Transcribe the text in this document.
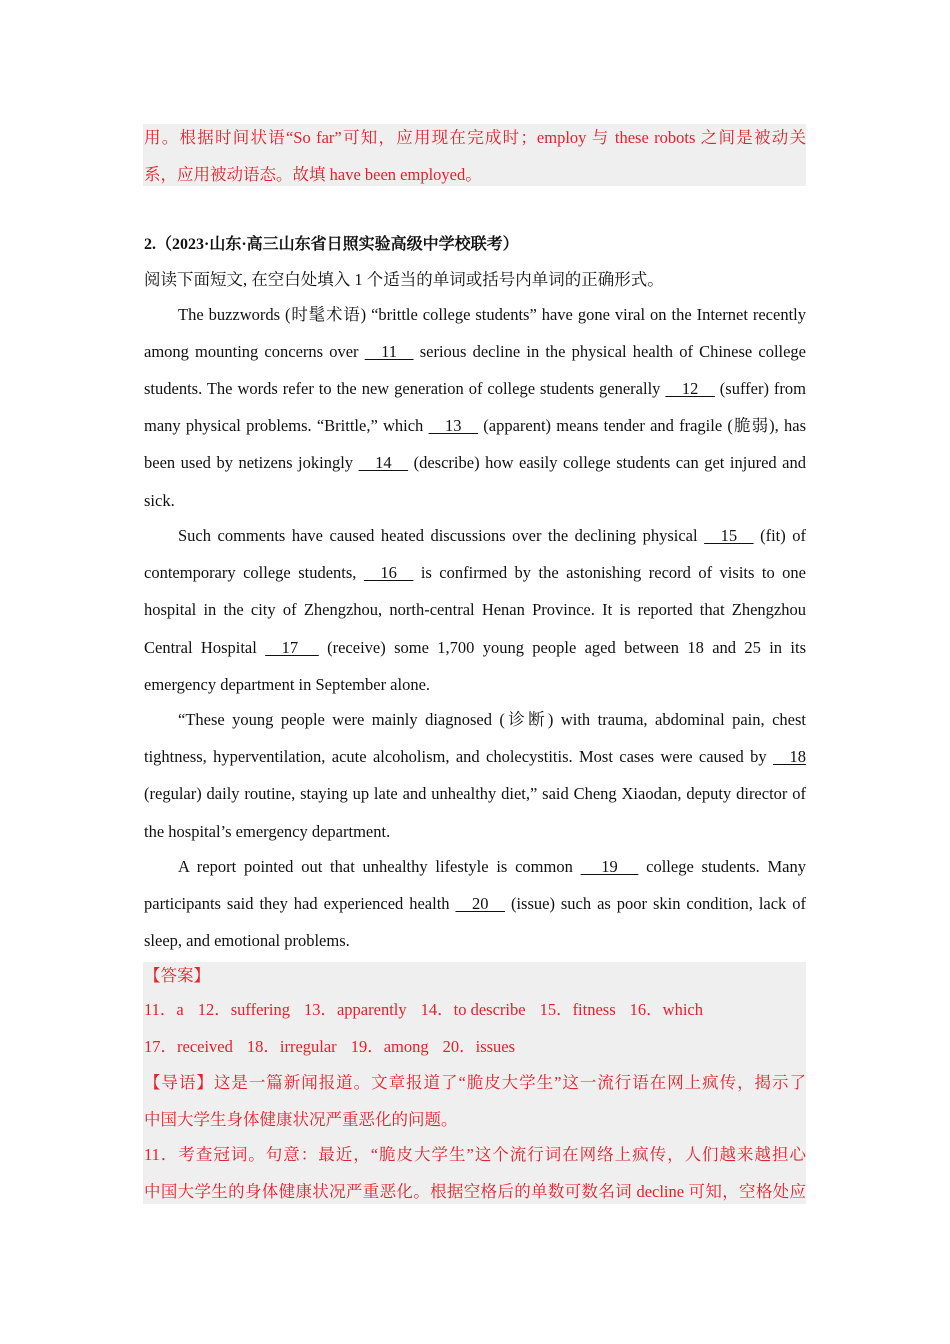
用。根据时间状语“So far”可知，应用现在完成时；employ 与 these robots 之间是被动关
系，应用被动语态。故填 have been employed。
2.（2023·山东·高三山东省日照实验高级中学校联考）
阅读下面短文, 在空白处填入 1 个适当的单词或括号内单词的正确形式。
The buzzwords (时髦术语) “brittle college students” have gone viral on the Internet recently
among mounting concerns over     11     serious decline in the physical health of Chinese college
students. The words refer to the new generation of college students generally     12     (suffer) from
many physical problems. “Brittle,” which     13     (apparent) means tender and fragile (脆弱), has
been used by netizens jokingly     14     (describe) how easily college students can get injured and
sick.
Such comments have caused heated discussions over the declining physical     15     (fit) of
contemporary college students,     16     is confirmed by the astonishing record of visits to one
hospital in the city of Zhengzhou, north-central Henan Province. It is reported that Zhengzhou
Central Hospital     17      (receive) some 1,700 young people aged between 18 and 25 in its
emergency department in September alone.
“These young people were mainly diagnosed (诊断) with trauma, abdominal pain, chest
tightness, hyperventilation, acute alcoholism, and cholecystitis. Most cases were caused by     18
(regular) daily routine, staying up late and unhealthy diet,” said Cheng Xiaodan, deputy director of
the hospital’s emergency department.
A report pointed out that unhealthy lifestyle is common      19      college students. Many
participants said they had experienced health     20     (issue) such as poor skin condition, lack of
sleep, and emotional problems.
【答案】
11．a 12．suffering 13．apparently 14．to describe 15．fitness 16．which
17．received 18．irregular 19．among 20．issues
【导语】这是一篇新闻报道。文章报道了“脆皮大学生”这一流行语在网上疯传，揭示了
中国大学生身体健康状况严重恶化的问题。
11．考查冠词。句意：最近，“脆皮大学生”这个流行词在网络上疯传，人们越来越担心
中国大学生的身体健康状况严重恶化。根据空格后的单数可数名词 decline 可知，空格处应
